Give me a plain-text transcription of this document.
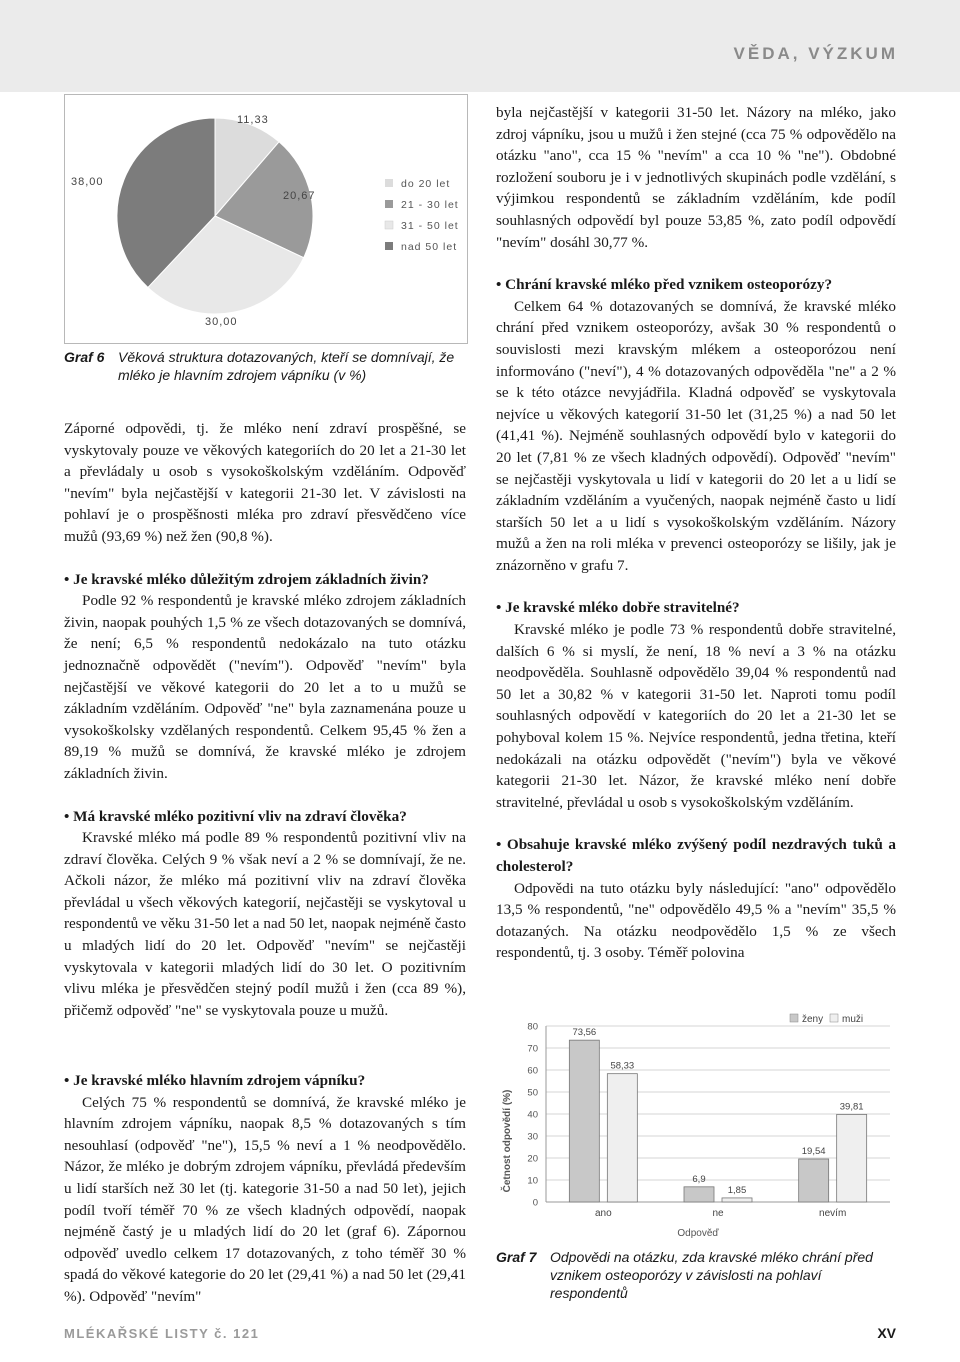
VĚDA, VÝZKUM
11,33
20,67
30,00
38,00	do 20 let
21 - 30 let
31 - 50 let
nad 50 let
Graf 6 Věková struktura dotazovaných, kteří se domnívají, že mléko je hlavním zdrojem vápníku (v %)

Záporné odpovědi, tj. že mléko není zdraví prospěšné, se vyskytovaly pouze ve věkových kategoriích do 20 let a 21-30 let a převládaly u osob s vysokoškolským vzděláním. Odpověď "nevím" byla nejčastější v kategorii 21-30 let. V závislosti na pohlaví je o prospěšnosti mléka pro zdraví přesvědčeno více mužů (93,69 %) než žen (90,8 %).

• Je kravské mléko důležitým zdrojem základních živin?

Podle 92 % respondentů je kravské mléko zdrojem základních živin, naopak pouhých 1,5 % ze všech dotazovaných se domnívá, že není; 6,5 % respondentů nedokázalo na tuto otázku jednoznačně odpovědět ("nevím"). Odpověď "nevím" byla nejčastější ve věkové kategorii do 20 let a to u mužů se základním vzděláním. Odpověď "ne" byla zaznamenána pouze u vysokoškolsky vzdělaných respondentů. Celkem 95,45 % žen a 89,19 % mužů se domnívá, že kravské mléko je zdrojem základních živin.

• Má kravské mléko pozitivní vliv na zdraví člověka?

Kravské mléko má podle 89 % respondentů pozitivní vliv na zdraví člověka. Celých 9 % však neví a 2 % se domnívají, že ne. Ačkoli názor, že mléko má pozitivní vliv na zdraví člověka převládal u všech věkových kategorií, nejčastěji se vyskytoval u respondentů ve věku 31-50 let a nad 50 let, naopak nejméně často u mladých lidí do 20 let. Odpověď "nevím" se nejčastěji vyskytovala v kategorii mladých lidí do 30 let. O pozitivním vlivu mléka je přesvědčen stejný podíl mužů i žen (cca 89 %), přičemž odpověď "ne" se vyskytovala pouze u mužů.

• Je kravské mléko hlavním zdrojem vápníku?

Celých 75 % respondentů se domnívá, že kravské mléko je hlavním zdrojem vápníku, naopak 8,5 % dotazovaných s tím nesouhlasí (odpověď "ne"), 15,5 % neví a 1 % neodpovědělo. Názor, že mléko je dobrým zdrojem vápníku, převládá především u lidí starších než 30 let (tj. kategorie 31-50 a nad 50 let), jejich podíl tvoří téměř 70 % ze všech kladných odpovědí, naopak nejméně častý je u mladých lidí do 20 let (graf 6). Zápornou odpověď uvedlo celkem 17 dotazovaných, z toho téměř 30 % spadá do věkové kategorie do 20 let (29,41 %) a nad 50 let (29,41 %). Odpověď "nevím"

byla nejčastější v kategorii 31-50 let. Názory na mléko, jako zdroj vápníku, jsou u mužů i žen stejné (cca 75 % odpovědělo na otázku "ano", cca 15 % "nevím" a cca 10 % "ne"). Obdobné rozložení souboru je i v jednotlivých skupinách podle vzdělání, s výjimkou respondentů se základním vzděláním, kde podíl souhlasných odpovědí byl pouze 53,85 %, zato podíl odpovědí "nevím" dosáhl 30,77 %.

• Chrání kravské mléko před vznikem osteoporózy?

Celkem 64 % dotazovaných se domnívá, že kravské mléko chrání před vznikem osteoporózy, avšak 30 % respondentů o souvislosti mezi kravským mlékem a osteoporózou není informováno ("neví"), 4 % dotazovaných odpověděla "ne" a 2 % se k této otázce nevyjádřila. Kladná odpověď se vyskytovala nejvíce u věkových kategorií 31-50 let (31,25 %) a nad 50 let (41,41 %). Nejméně souhlasných odpovědí bylo v kategorii do 20 let (7,81 % ze všech kladných odpovědí). Odpověď "nevím" se nejčastěji vyskytovala u lidí v kategorii do 20 let a u lidí se základním vzděláním a vyučených, naopak nejméně často u lidí starších 50 let a u lidí s vysokoškolským vzděláním. Názory mužů a žen na roli mléka v prevenci osteoporózy se lišily, jak je znázorněno v grafu 7.

• Je kravské mléko dobře stravitelné?

Kravské mléko je podle 73 % respondentů dobře stravitelné, dalších 6 % si myslí, že není, 18 % neví a 3 % na otázku neodpověděla. Souhlasně odpovědělo 39,04 % respondentů nad 50 let a 30,82 % v kategorii 31-50 let. Naproti tomu podíl souhlasných odpovědí v kategoriích do 20 let a 21-30 let se pohyboval kolem 15 %. Nejvíce respondentů, jedna třetina, kteří nedokázali na otázku odpovědět ("nevím") byla ve věkové kategorii 21-30 let. Názor, že kravské mléko není dobře stravitelné, převládal u osob s vysokoškolským vzděláním.

• Obsahuje kravské mléko zvýšený podíl nezdravých tuků a cholesterol?

Odpovědi na tuto otázku byly následující: "ano" odpovědělo 13,5 % respondentů, "ne" odpovědělo 49,5 % a "nevím" 35,5 % dotazaných. Na otázku neodpovědělo 1,5 % ze všech respondentů, tj. 3 osoby. Téměř polovina

0
10
20
30
40
50
60
70
80
73,56
58,33
ano
6,9
1,85
ne
19,54
39,81
nevím
Četnost odpovědí (%)
Odpověď
ženy muži
Graf 7 Odpovědi na otázku, zda kravské mléko chrání před vznikem osteoporózy v závislosti na pohlaví respondentů
MLÉKAŘSKÉ LISTY č. 121	XV
